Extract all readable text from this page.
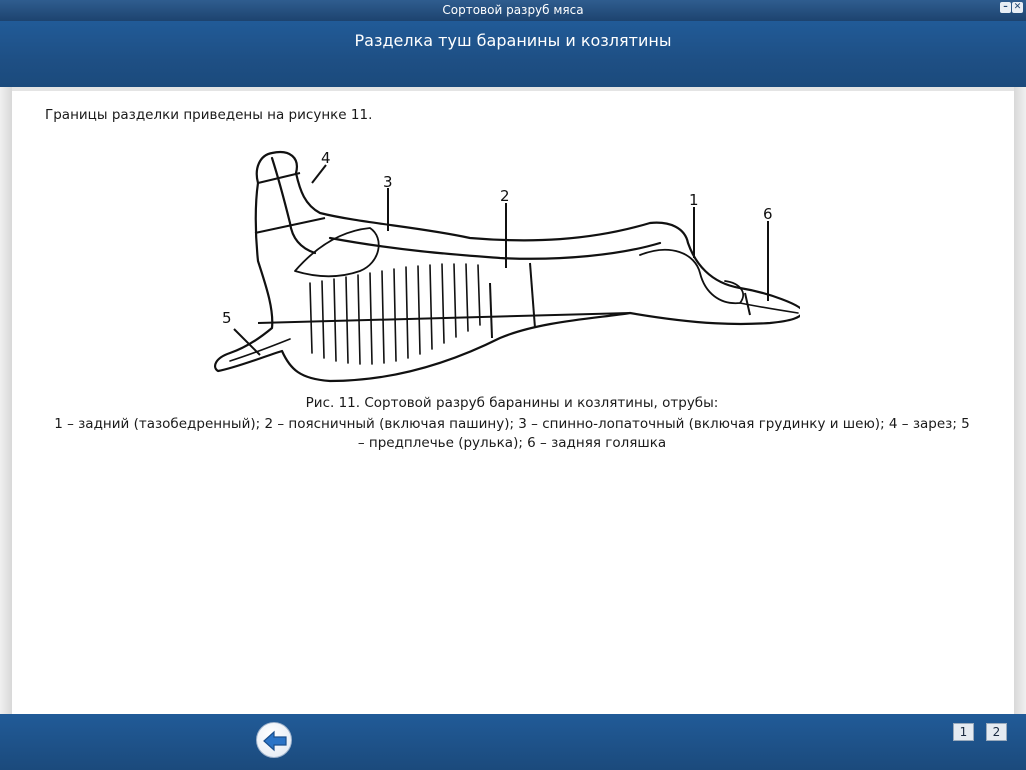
Сортовой разруб мяса	– ✕
Разделка туш баранины и козлятины
Границы разделки приведены на рисунке 11.
4
3
2	1
6
5
Рис. 11. Сортовой разруб баранины и козлятины, отрубы:
1 – задний (тазобедренный); 2 – поясничный (включая пашину); 3 – спинно-лопаточный (включая грудинку и шею); 4 – зарез; 5 – предплечье (рулька); 6 – задняя голяшка
1	2
